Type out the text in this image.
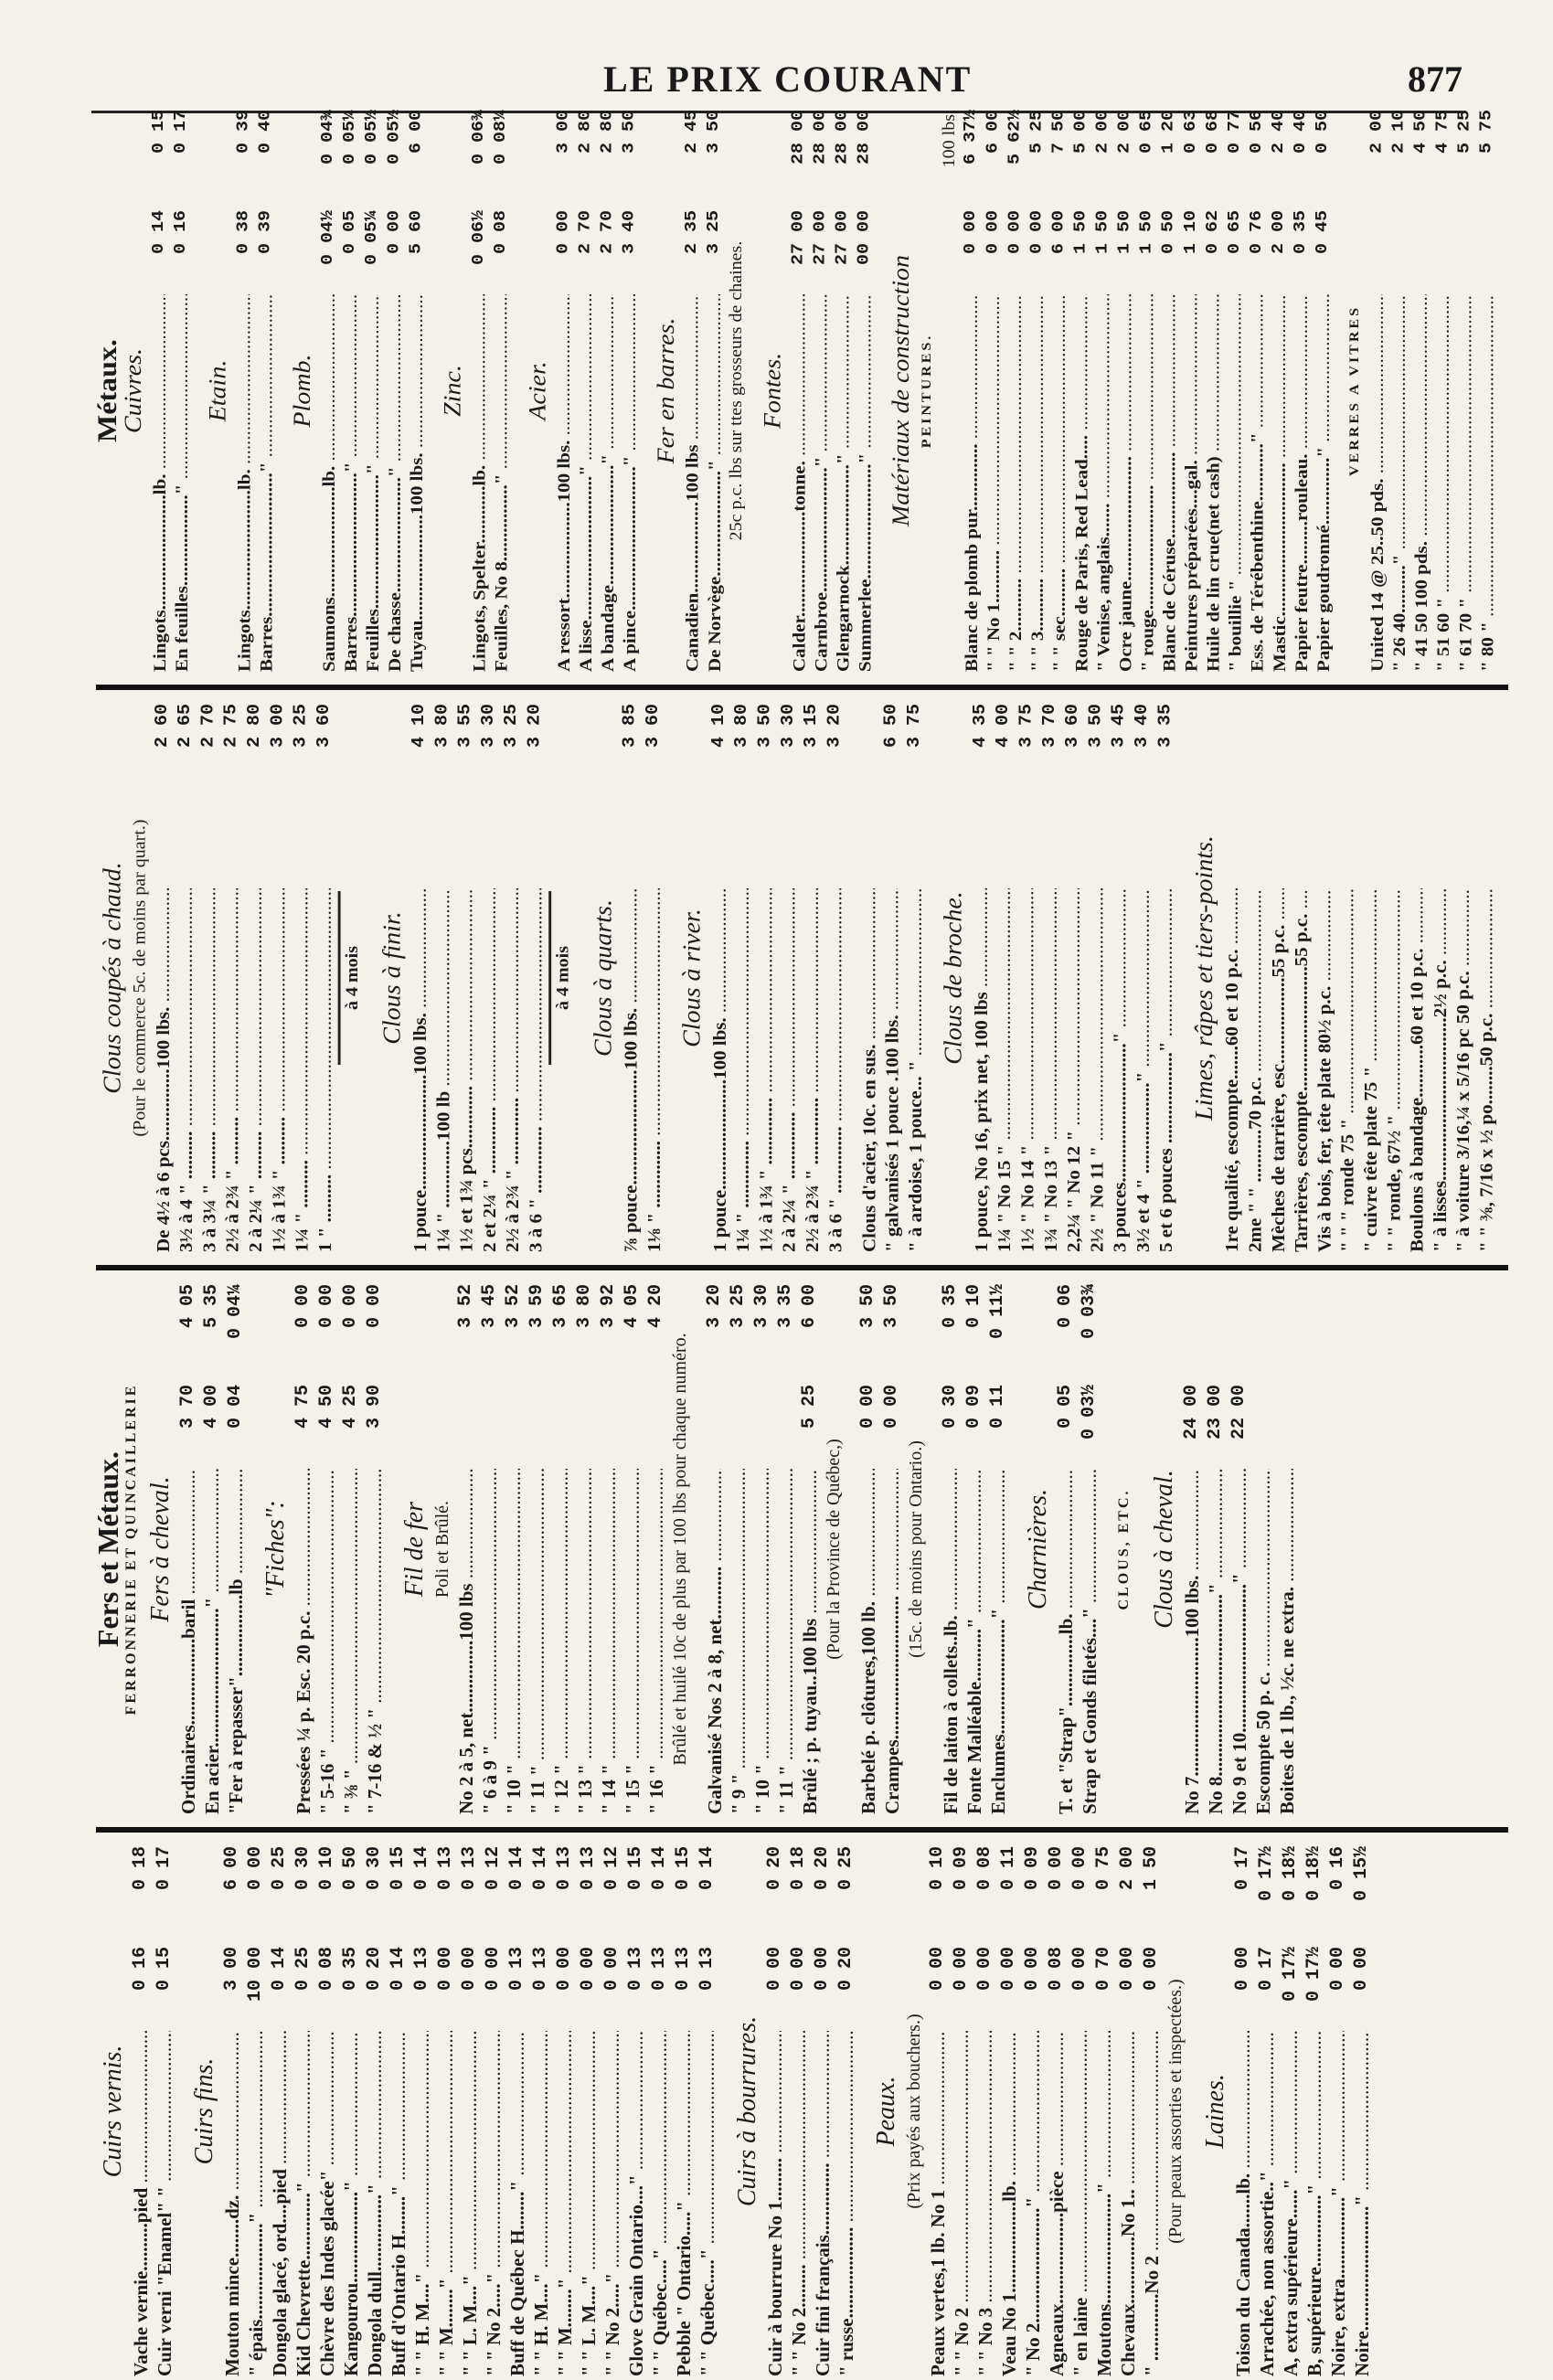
LE PRIX COURANT	877
Cuirs vernis.
Vache vernie..........pied .....
0 16
0 18
Cuir verni "Enamel" " .....
0 15
0 17
Cuirs fins.
Mouton mince........dz. .....
3 00
6 00
" épais...................." .....
10 00
0 00
Dongola glacé, ord....pied .....
0 14
0 25
Kid Chevrette.............." .....
0 25
0 30
Chèvre des Indes glacée" .....
0 08
0 10
Kangourou..................." .....
0 35
0 50
Dongola dull................" .....
0 20
0 30
Buff d'Ontario H........" .....
0 14
0 15
" " H. M...." .....
0 13
0 14
" " M........" .....
0 00
0 13
" " L. M...." .....
0 00
0 13
" " No 2....." .....
0 00
0 12
Buff de Québec H........" .....
0 13
0 14
" " H. M...." .....
0 13
0 14
" " M........" .....
0 00
0 13
" " L. M...." .....
0 00
0 13
" " No 2....." .....
0 00
0 12
Glove Grain Ontario...." .....
0 13
0 15
" " Québec....." .....
0 13
0 14
Pebble " Ontario....." .....
0 13
0 15
" " Québec....." .....
0 13
0 14
Cuirs à bourrures.
Cuir à bourrure No 1......... .....
0 00
0 20
" " No 2......... .....
0 00
0 18
Cuir fini français............... .....
0 00
0 20
" russe................... .....
0 20
0 25
Peaux. (Prix payés aux bouchers.)
Peaux vertes,1 lb. No 1 .....
0 00
0 10
" " No 2 .....
0 00
0 09
" " No 3 .....
0 00
0 08
Veau No 1...................lb. .....
0 00
0 11
" No 2........................" .....
0 00
0 09
Agneaux...................pièce .....
0 08
0 00
" en laine .....
0 00
0 00
Moutons......................." .....
0 70
0 75
Chevaux..............No 1.. .....
0 00
2 00
" ..............No 2 .....
0 00
1 50
(Pour peaux assorties et inspectées.) Laines.
Toison du Canada.......lb. .....
0 00
0 17
Arrachée, non assortie.." .....
0 17
0 17½
A, extra supérieure......" .....
0 17½
0 18½
B, supérieure..............." .....
0 17½
0 18½
Noire, extra................." .....
0 00
0 16
Noire.........................." .....
0 00
0 15½
Fers et Métaux. FERRONNERIE ET QUINCAILLERIE Fers à cheval.
Ordinaires..................baril .....
3 70
4 05
En acier............................." .....
4 00
5 35
"Fer à repasser".................lb .....
0 04
0 04¼
"Fiches":
Pressées ¼ p. Esc. 20 p.c. .....
4 75
0 00
" 5-16 " .....
4 50
0 00
" ⅜ " .....
4 25
0 00
" 7-16 & ½ " .....
3 90
0 00
Fil de fer Poli et Brûlé.
No 2 à 5, net...............100 lbs .....
3 52
" 6 à 9 " .....
3 45
" 10 " .....
3 52
" 11 " .....
3 59
" 12 " .....
3 65
" 13 " .....
3 80
" 14 " .....
3 92
" 15 " .....
4 05
" 16 " .....
4 20
Brûlé et huilé 10c de plus par 100 lbs pour chaque numéro. Galvanisé Nos 2 à 8, net........... .....
3 20
" 9 " .....
3 25
" 10 " .....
3 30
" 11 " .....
3 35
Brûlé ; p. tuyau..100 lbs .....
5 25
6 00
(Pour la Province de Québec,)
Barbelé p. clôtures,100 lb. .....
0 00
3 50
Crampes.............................. .....
0 00
3 50
(15c. de moins pour Ontario.)
Fil de laiton à collets..lb. .....
0 30
0 35
Fonte Malléable..........." .....
0 09
0 10
Enclumes........................" .....
0 11
0 11½
Charnières.
T. et "Strap"...............lb. .....
0 05
0 06
Strap et Gonds filetés...." .....
0 03½
0 03¾
CLOUS, ETC. Clous à cheval.
No 7.............................100 lbs. .....
24 00
No 8......................................" .....
23 00
No 9 et 10..............................." .....
22 00
Escompte 50 p. c. ..... Boites de 1 lb., ½c. ne extra. .....
Clous coupés à chaud. (Pour le commerce 5c. de moins par quart.) De 4½ à 6 pcs...............100 lbs. .....
2 60
3½ à 4 " .......... .....
2 65
3 à 3¼ " .......... .....
2 70
2½ à 2¾ " .......... .....
2 75
2 à 2¼ " .......... .....
2 80
1½ à 1¾ " .......... .....
3 00
1¼ " .......... .....
3 25
1 " .......... .....
3 60
à 4 mois Clous à finir.
1 pouce........................100 lbs. .....
4 10
1¼ " ..............100 lb .....
3 80
1½ et 1¾ pcs............. .....
3 55
2 et 2¼ " .............. .....
3 30
2½ à 2¾ " .............. .....
3 25
3 à 6 " .............. .....
3 20
à 4 mois Clous à quarts.
⅞ pouce........................100 lbs. .....
3 85
1⅛ " .............. .....
3 60
Clous à river.
1 pouce.......................100 lbs. .....
4 10
1¼ " .............. .....
3 80
1½ à 1¾ " .............. .....
3 50
2 à 2¼ " .............. .....
3 30
2½ à 2¾ " .............. .....
3 15
3 à 6 " .............. .....
3 20
Clous d'acier, 10c. en sus. ..... " galvanisés 1 pouce .100 lbs. .....
6 50
" à ardoise, 1 pouce... " .....
3 75
Clous de broche.
1 pouce, No 16, prix net, 100 lbs .....
4 35
1¼ " No 15 " .....
4 00
1½ " No 14 " .....
3 75
1¾ " No 13 " .....
3 70
2,2¼ " No 12 " .....
3 60
2½ " No 11 " .....
3 50
3 pouces............................." .....
3 45
3½ et 4 " ..................." .....
3 40
5 et 6 pouces ..................." .....
3 35
Limes, râpes et tiers-points. 1re qualité, escompte.......60 et 10 p.c. ..... 2me " " ...........70 p.c. ..... Mèches de tarrière, esc..................55 p.c. ..... Tarrières, escompte..........................55 p.c. ..... Vis à bois, fer, tête plate 80½ p.c. ..... " " " ronde 75 " ..... " cuivre tête plate 75 " ..... " " ronde, 67½ " ..... Boulons à bandage...........60 et 10 p.c. ..... " à lisses..................................2½ p.c. ..... " à voiture 3/16,¼ x 5/16 pc 50 p.c. ..... " " ⅜, 7/16 x ½ po........50 p.c. .....
Métaux.
Cuivres.
Lingots........................lb. .....
0 14
0 15
En feuilles..................." .....
0 16
0 17
Etain.
Lingots.........................lb. .....
0 38
0 39
Barres.............................." .....
0 39
0 40
Plomb.
Saumons.......................lb. .....
0 04½
0 04¾
Barres.............................." .....
0 05
0 05¼
Feuilles............................" .....
0 05¼
0 05½
De chasse........................" .....
0 00
0 05½
Tuyau......................100 lbs. .....
5 60
6 00
Zinc.
Lingots, Spelter............lb. .....
0 06½
0 06¾
Feuilles, No 8................" .....
0 08
0 08¼
Acier.
A ressort....................100 lbs. .....
0 00
3 00
A lisse.............................." .....
2 70
2 80
A bandage........................." .....
2 70
2 80
A pince.............................." .....
3 40
3 50
Fer en barres.
Canadien...................100 lbs .....
2 35
2 45
De Norvège......................" .....
3 25
3 50
25c p.c. lbs sur ttes grosseurs de chaines. Fontes.
Calder......................tonne. .....
27 00
28 00
Carnbroe.........................." .....
27 00
28 00
Glengarnock....................." .....
27 00
28 00
Summerlee........................" .....
00 00
28 00
Matériaux de construction PEINTURES.
100 lbs.
Blanc de plomb pur.............. .....
0 00
6 37½
" " No 1........... .....
0 00
6 00
" " 2........... .....
0 00
5 62½
" " 3........... .....
0 00
5 25
" " sec.......... .....
6 00
7 50
Rouge de Paris, Red Lead..... .....
1 50
5 00
" Venise, anglais....... .....
1 50
2 00
Ocre jaune.......................... .....
1 50
2 00
" rouge.......................... .....
1 50
0 65
Blanc de Céruse.................. .....
0 50
1 20
Peintures préparées....gal. .....
1 10
0 63
Huile de lin crue(net cash) .....
0 62
0 68
" bouillie " .....
0 65
0 77
Ess. de Térébenthine............" .....
0 76
0 56
Mastic................................ .....
2 00
2 40
Papier feutre.........rouleau. .....
0 35
0 40
Papier goudronné.............." .....
0 45
0 50
VERRES A VITRES
United 14 @ 25..50 pds. .....
2 00
" 26 40.........." .....
2 10
" 41 50 100 pds. .....
4 50
" 51 60 " .....
4 75
" 61 70 " .....
5 25
" 80 " .....
5 75
